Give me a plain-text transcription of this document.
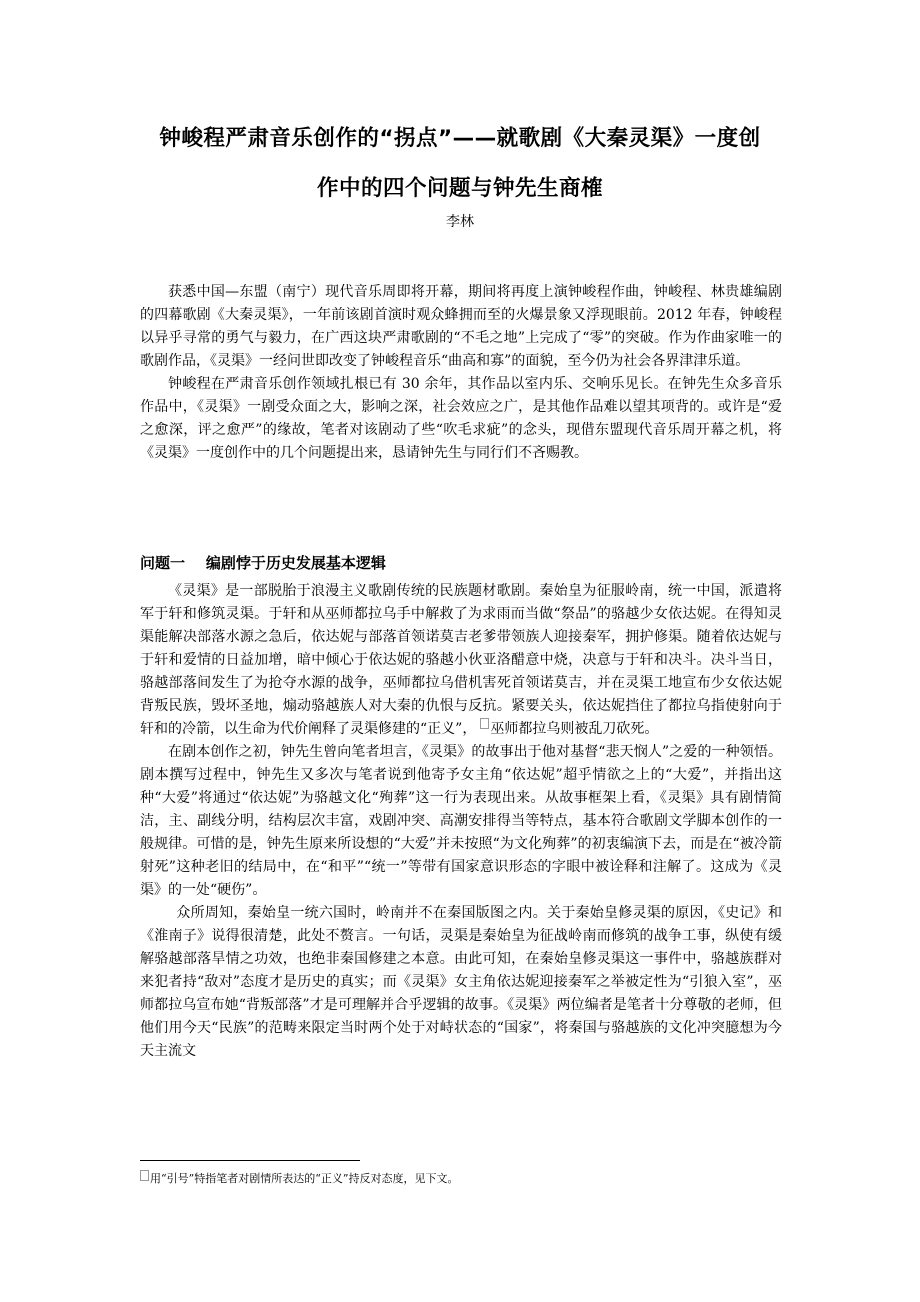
钟峻程严肃音乐创作的“拐点”——就歌剧《大秦灵渠》一度创
作中的四个问题与钟先生商榷
李林

获悉中国—东盟（南宁）现代音乐周即将开幕，期间将再度上演钟峻程作曲，钟峻程、林贵雄编剧的四幕歌剧《大秦灵渠》，一年前该剧首演时观众蜂拥而至的火爆景象又浮现眼前。2012 年春，钟峻程以异乎寻常的勇气与毅力，在广西这块严肃歌剧的“不毛之地”上完成了“零”的突破。作为作曲家唯一的歌剧作品，《灵渠》一经问世即改变了钟峻程音乐“曲高和寡”的面貌，至今仍为社会各界津津乐道。

钟峻程在严肃音乐创作领域扎根已有 30 余年，其作品以室内乐、交响乐见长。在钟先生众多音乐作品中，《灵渠》一剧受众面之大，影响之深，社会效应之广，是其他作品难以望其项背的。或许是“爱之愈深，评之愈严”的缘故，笔者对该剧动了些“吹毛求疵”的念头，现借东盟现代音乐周开幕之机，将《灵渠》一度创作中的几个问题提出来，恳请钟先生与同行们不吝赐教。

问题一    编剧悖于历史发展基本逻辑

《灵渠》是一部脱胎于浪漫主义歌剧传统的民族题材歌剧。秦始皇为征服岭南，统一中国，派遣将军于轩和修筑灵渠。于轩和从巫师都拉乌手中解救了为求雨而当做“祭品”的骆越少女依达妮。在得知灵渠能解决部落水源之急后，依达妮与部落首领诺莫吉老爹带领族人迎接秦军，拥护修渠。随着依达妮与于轩和爱情的日益加增，暗中倾心于依达妮的骆越小伙亚洛醋意中烧，决意与于轩和决斗。决斗当日，骆越部落间发生了为抢夺水源的战争，巫师都拉乌借机害死首领诺莫吉，并在灵渠工地宣布少女依达妮背叛民族，毁坏圣地，煽动骆越族人对大秦的仇恨与反抗。紧要关头，依达妮挡住了都拉乌指使射向于轩和的冷箭，以生命为代价阐释了灵渠修建的“正义”， 巫师都拉乌则被乱刀砍死。

在剧本创作之初，钟先生曾向笔者坦言，《灵渠》的故事出于他对基督“悲天悯人”之爱的一种领悟。剧本撰写过程中，钟先生又多次与笔者说到他寄予女主角“依达妮”超乎情欲之上的“大爱”，并指出这种“大爱”将通过“依达妮”为骆越文化“殉葬”这一行为表现出来。从故事框架上看，《灵渠》具有剧情简洁，主、副线分明，结构层次丰富，戏剧冲突、高潮安排得当等特点，基本符合歌剧文学脚本创作的一般规律。可惜的是，钟先生原来所设想的“大爱”并未按照“为文化殉葬”的初衷编演下去，而是在“被冷箭射死”这种老旧的结局中，在“和平”“统一”等带有国家意识形态的字眼中被诠释和注解了。这成为《灵渠》的一处“硬伤”。

众所周知，秦始皇一统六国时，岭南并不在秦国版图之内。关于秦始皇修灵渠的原因，《史记》和《淮南子》说得很清楚，此处不赘言。一句话，灵渠是秦始皇为征战岭南而修筑的战争工事，纵使有缓解骆越部落旱情之功效，也绝非秦国修建之本意。由此可知，在秦始皇修灵渠这一事件中，骆越族群对来犯者持“敌对”态度才是历史的真实；而《灵渠》女主角依达妮迎接秦军之举被定性为“引狼入室”，巫师都拉乌宣布她“背叛部落”才是可理解并合乎逻辑的故事。《灵渠》两位编者是笔者十分尊敬的老师，但他们用今天“民族”的范畴来限定当时两个处于对峙状态的“国家”，将秦国与骆越族的文化冲突臆想为今天主流文

用“引号”特指笔者对剧情所表达的“正义”持反对态度，见下文。
